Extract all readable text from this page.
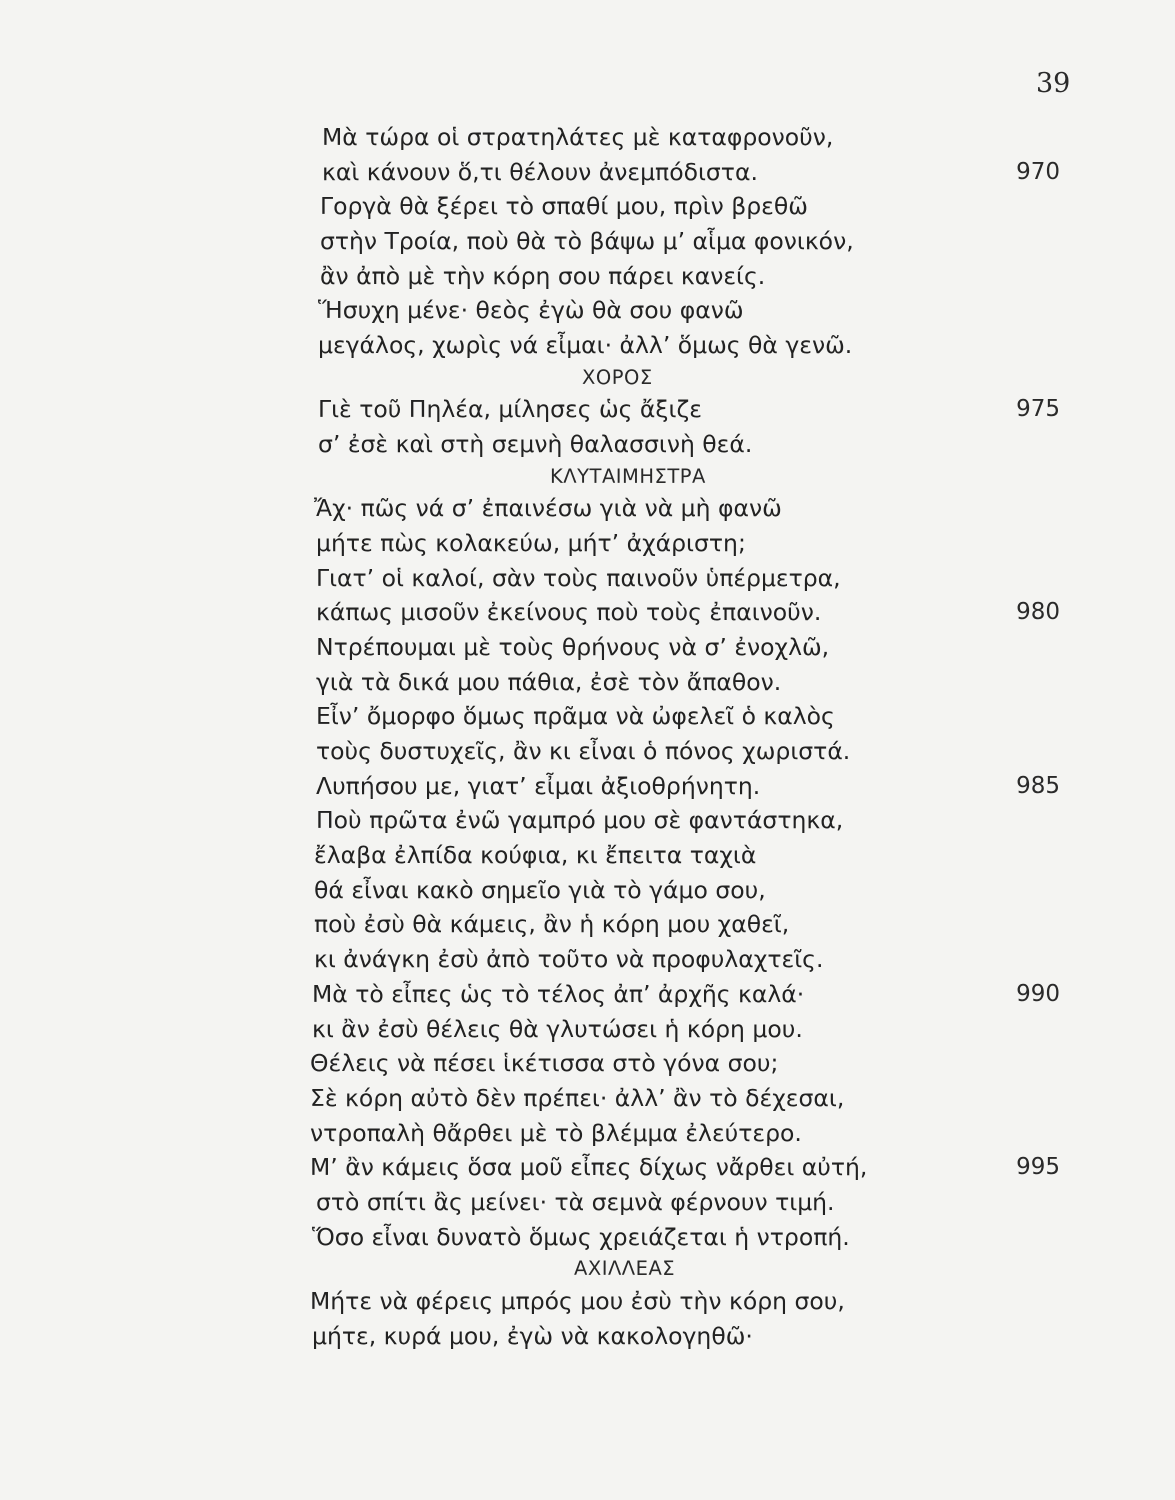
39
Μὰ τώρα οἱ στρατηλάτες μὲ καταφρονοῦν,
καὶ κάνουν ὅ,τι θέλουν ἀνεμπόδιστα.	970
Γοργὰ θὰ ξέρει τὸ σπαθί μου, πρὶν βρεθῶ
στὴν Τροία, ποὺ θὰ τὸ βάψω μ’ αἷμα φονικόν,
ἂν ἀπὸ μὲ τὴν κόρη σου πάρει κανείς.
Ἥσυχη μένε· θεὸς ἐγὼ θὰ σου φανῶ
μεγάλος, χωρὶς νά εἶμαι· ἀλλ’ ὅμως θὰ γενῶ.
ΧΟΡΟΣ
Γιὲ τοῦ Πηλέα, μίλησες ὡς ἄξιζε	975
σ’ ἐσὲ καὶ στὴ σεμνὴ θαλασσινὴ θεά.
ΚΛΥΤΑΙΜΗΣΤΡΑ
Ἄχ· πῶς νά σ’ ἐπαινέσω γιὰ νὰ μὴ φανῶ
μήτε πὼς κολακεύω, μήτ’ ἀχάριστη;
Γιατ’ οἱ καλοί, σὰν τοὺς παινοῦν ὑπέρμετρα,
κάπως μισοῦν ἐκείνους ποὺ τοὺς ἐπαινοῦν.	980
Ντρέπουμαι μὲ τοὺς θρήνους νὰ σ’ ἐνοχλῶ,
γιὰ τὰ δικά μου πάθια, ἐσὲ τὸν ἄπαθον.
Εἶν’ ὄμορφο ὅμως πρᾶμα νὰ ὠφελεῖ ὁ καλὸς
τοὺς δυστυχεῖς, ἂν κι εἶναι ὁ πόνος χωριστά.
Λυπήσου με, γιατ’ εἶμαι ἀξιοθρήνητη.	985
Ποὺ πρῶτα ἐνῶ γαμπρό μου σὲ φαντάστηκα,
ἔλαβα ἐλπίδα κούφια, κι ἔπειτα ταχιὰ
θά εἶναι κακὸ σημεῖο γιὰ τὸ γάμο σου,
ποὺ ἐσὺ θὰ κάμεις, ἂν ἡ κόρη μου χαθεῖ,
κι ἀνάγκη ἐσὺ ἀπὸ τοῦτο νὰ προφυλαχτεῖς.
Μὰ τὸ εἶπες ὡς τὸ τέλος ἀπ’ ἀρχῆς καλά·	990
κι ἂν ἐσὺ θέλεις θὰ γλυτώσει ἡ κόρη μου.
Θέλεις νὰ πέσει ἱκέτισσα στὸ γόνα σου;
Σὲ κόρη αὐτὸ δὲν πρέπει· ἀλλ’ ἂν τὸ δέχεσαι,
ντροπαλὴ θἄρθει μὲ τὸ βλέμμα ἐλεύτερο.
Μ’ ἂν κάμεις ὅσα μοῦ εἶπες δίχως νἄρθει αὐτή,	995
στὸ σπίτι ἂς μείνει· τὰ σεμνὰ φέρνουν τιμή.
Ὅσο εἶναι δυνατὸ ὅμως χρειάζεται ἡ ντροπή.
ΑΧΙΛΛΕΑΣ
Μήτε νὰ φέρεις μπρός μου ἐσὺ τὴν κόρη σου,
μήτε, κυρά μου, ἐγὼ νὰ κακολογηθῶ·
